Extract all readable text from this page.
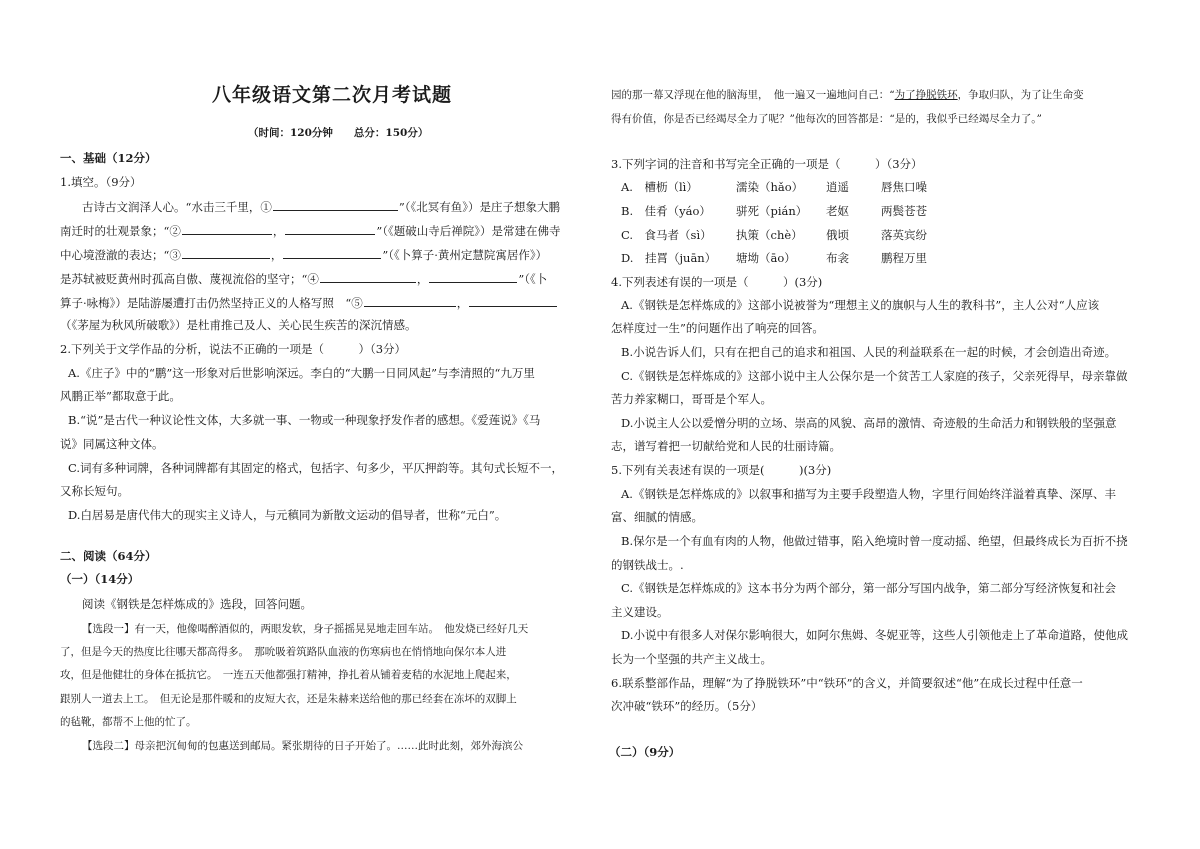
八年级语文第二次月考试题
（时间：120分钟　　总分：150分）
一、基础（12分）
1.填空。（9分）
古诗古文润泽人心。“水击三千里，①	”（《北冥有鱼》）是庄子想象大鹏
南迁时的壮观景象；“②	，	”（《题破山寺后禅院》）是常建在佛寺
中心境澄澈的表达；“③	，	”（《卜算子·黄州定慧院寓居作》）
是苏轼被贬黄州时孤高自傲、蔑视流俗的坚守；“④	，	”（《卜
算子·咏梅》）是陆游屡遭打击仍然坚持正义的人格写照　“⑤	，
（《茅屋为秋风所破歌》）是杜甫推己及人、关心民生疾苦的深沉情感。
2.下列关于文学作品的分析，说法不正确的一项是（　　　）（3分）
A.《庄子》中的“鹏”这一形象对后世影响深远。李白的“大鹏一日同风起”与李清照的“九万里
风鹏正举”都取意于此。
B.“说”是古代一种议论性文体，大多就一事、一物或一种现象抒发作者的感想。《爱莲说》《马
说》同属这种文体。
C.词有多种词牌，各种词牌都有其固定的格式，包括字、句多少，平仄押韵等。其句式长短不一，
又称长短句。
D.白居易是唐代伟大的现实主义诗人，与元稹同为新散文运动的倡导者，世称“元白”。
二、阅读（64分）
（一）（14分）
阅读《钢铁是怎样炼成的》选段，回答问题。
【选段一】有一天，他像喝醉酒似的，两眼发软，身子摇摇晃晃地走回车站。　他发烧已经好几天
了，但是今天的热度比往哪天都高得多。　那吮吸着筑路队血液的伤寒病也在悄悄地向保尔本人进
攻，但是他健壮的身体在抵抗它。　一连五天他都强打精神，挣扎着从铺着麦秸的水泥地上爬起来，
跟别人一道去上工。　但无论是那件暖和的皮短大衣，还是朱赫来送给他的那已经套在冻坏的双脚上
的毡靴，都帮不上他的忙了。
【选段二】母亲把沉甸甸的包惠送到邮局。紧张期待的日子开始了。……此时此刻，郊外海滨公
园的那一幕又浮现在他的脑海里，　他一遍又一遍地问自己：“为了挣脱铁环，争取归队，为了让生命变
得有价值，你是否已经竭尽全力了呢？”他每次的回答都是：“是的，我似乎已经竭尽全力了。”
3.下列字词的注音和书写完全正确的一项是（　　　）（3分）
A.　槽枥（lì）	濡染（hǎo） 逍遥	唇焦口噪
B.　佳肴（yáo） 骈死（pián） 老妪	两鬓苍苍
C.　食马者（sì） 执策（chè） 俄顷	落英宾纷
D.　挂罥（juān） 塘坳（āo）	布衾	鹏程万里
4.下列表述有误的一项是（　　　）(3分)
A.《钢铁是怎样炼成的》这部小说被誉为“理想主义的旗帜与人生的教科书”，主人公对“人应该
怎样度过一生”的问题作出了响亮的回答。
B.小说告诉人们，只有在把自己的追求和祖国、人民的利益联系在一起的时候，才会创造出奇迹。
C.《钢铁是怎样炼成的》这部小说中主人公保尔是一个贫苦工人家庭的孩子，父亲死得早，母亲靠做
苦力养家糊口，哥哥是个军人。
D.小说主人公以爱憎分明的立场、崇高的风貌、高昂的激情、奇迹般的生命活力和钢铁般的坚强意
志，谱写着把一切献给党和人民的壮丽诗篇。
5.下列有关表述有误的一项是(　　　)(3分)
A.《钢铁是怎样炼成的》以叙事和描写为主要手段塑造人物，字里行间始终洋溢着真挚、深厚、丰
富、细腻的情感。
B.保尔是一个有血有肉的人物，他做过错事，陷入绝境时曾一度动摇、绝望，但最终成长为百折不挠
的钢铁战士。.
C.《钢铁是怎样炼成的》这本书分为两个部分，第一部分写国内战争，第二部分写经济恢复和社会
主义建设。
D.小说中有很多人对保尔影响很大，如阿尔焦姆、冬妮亚等，这些人引领他走上了革命道路，使他成
长为一个坚强的共产主义战士。
6.联系整部作品，理解“为了挣脱铁环”中“铁环”的含义，并简要叙述“他”在成长过程中任意一
次冲破“铁环”的经历。（5分）
（二）（9分）
